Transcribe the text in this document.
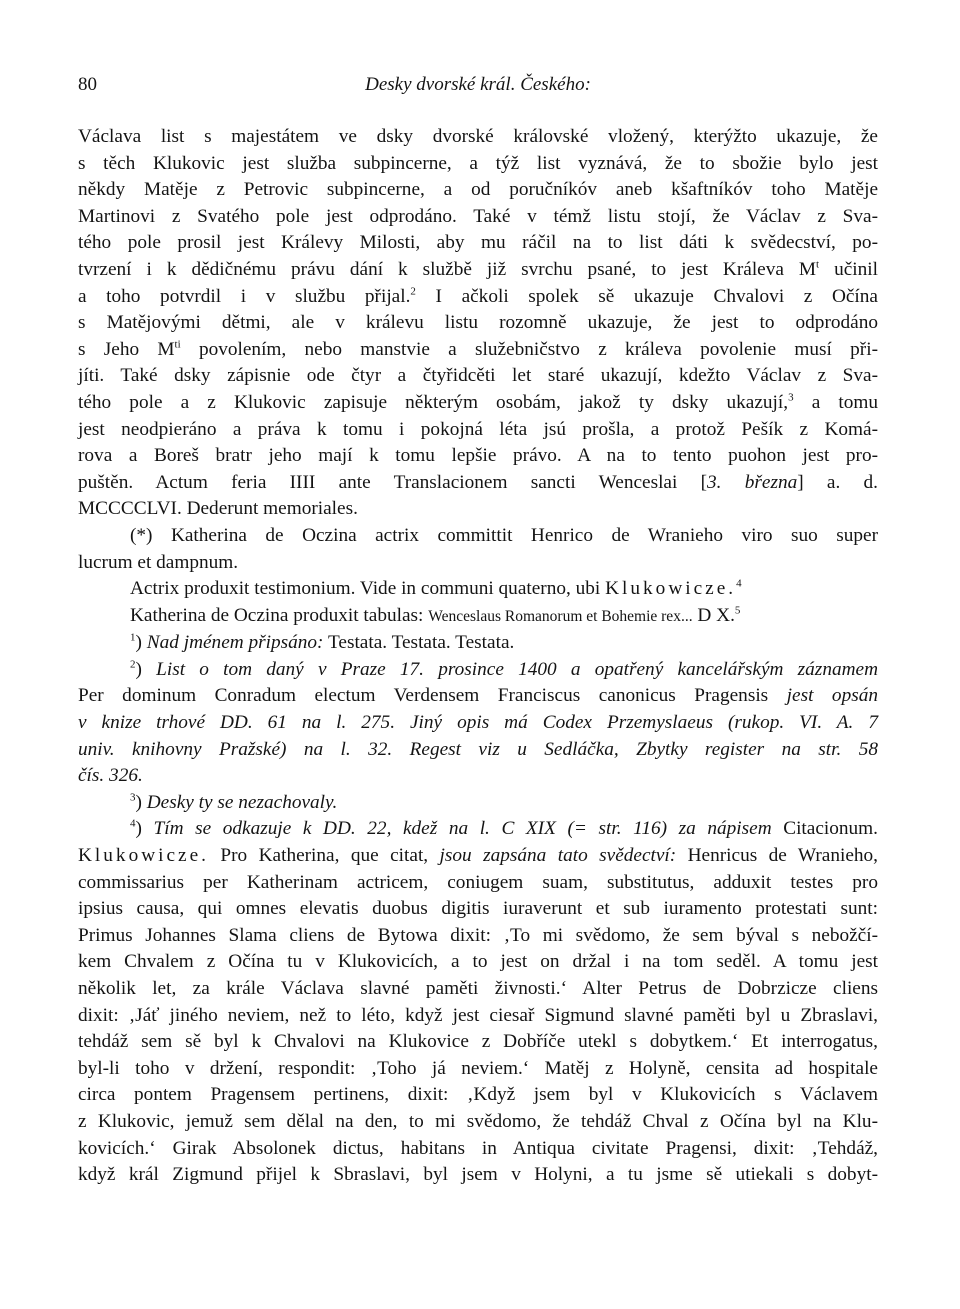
80	Desky dvorské král. Českého:
Václava list s majestátem ve dsky dvorské královské vložený, kterýžto ukazuje, že
s těch Klukovic jest služba subpincerne, a týž list vyznává, že to sbožie bylo jest
někdy Matěje z Petrovic subpincerne, a od poručníkóv aneb kšaftníkóv toho Matěje
Martinovi z Svatého pole jest odprodáno. Také v témž listu stojí, že Václav z Sva-
tého pole prosil jest Králevy Milosti, aby mu ráčil na to list dáti k svědecství, po-
tvrzení i k dědičnému právu dání k službě již svrchu psané, to jest Králeva $M^t$ učinil
a toho potvrdil i v službu přijal.$^2$ I ačkoli spolek sě ukazuje Chvalovi z Očína
s Matějovými dětmi, ale v králevu listu rozomně ukazuje, že jest to odprodáno
s Jeho $M^{ti}$ povolením, nebo manstvie a služebničstvo z králeva povolenie musí při-
jíti. Také dsky zápisnie ode čtyr a čtyřidcěti let staré ukazují, kdežto Václav z Sva-
tého pole a z Klukovic zapisuje některým osobám, jakož ty dsky ukazují,$^3$ a tomu
jest neodpieráno a práva k tomu i pokojná léta jsú prošla, a protož Pešík z Komá-
rova a Boreš bratr jeho mají k tomu lepšie právo. A na to tento puohon jest pro-
puštěn. Actum feria IIII ante Translacionem sancti Wenceslai [3. března] a. d.
MCCCCLVI. Dederunt memoriales.
(*) Katherina de Oczina actrix committit Henrico de Wranieho viro suo super
lucrum et dampnum.
Actrix produxit testimonium. Vide in communi quaterno, ubi Klukowicze.$^4$
Katherina de Oczina produxit tabulas: Wenceslaus Romanorum et Bohemie rex... D X.$^5$
$^1$) Nad jménem připsáno: Testata. Testata. Testata.
$^2$) List o tom daný v Praze 17. prosince 1400 a opatřený kancelářským záznamem
Per dominum Conradum electum Verdensem Franciscus canonicus Pragensis jest opsán
v knize trhové DD. 61 na l. 275. Jiný opis má Codex Przemyslaeus (rukop. VI. A. 7
univ. knihovny Pražské) na l. 32. Regest viz u Sedláčka, Zbytky register na str. 58
čís. 326.
$^3$) Desky ty se nezachovaly.
$^4$) Tím se odkazuje k DD. 22, kdež na l. C XIX (= str. 116) za nápisem Citacionum.
Klukowicze. Pro Katherina, que citat, jsou zapsána tato svědectví: Henricus de Wranieho,
commissarius per Katherinam actricem, coniugem suam, substitutus, adduxit testes pro
ipsius causa, qui omnes elevatis duobus digitis iuraverunt et sub iuramento protestati sunt:
Primus Johannes Slama cliens de Bytowa dixit: ‚To mi svědomo, že sem býval s nebožčí-
kem Chvalem z Očína tu v Klukovicích, a to jest on držal i na tom seděl. A tomu jest
několik let, za krále Václava slavné paměti živnosti.‘ Alter Petrus de Dobrzicze cliens
dixit: ‚Jáť jiného neviem, než to léto, když jest ciesař Sigmund slavné paměti byl u Zbraslavi,
tehdáž sem sě byl k Chvalovi na Klukovice z Dobříče utekl s dobytkem.‘ Et interrogatus,
byl-li toho v držení, respondit: ‚Toho já neviem.‘ Matěj z Holyně, censita ad hospitale
circa pontem Pragensem pertinens, dixit: ‚Když jsem byl v Klukovicích s Václavem
z Klukovic, jemuž sem dělal na den, to mi svědomo, že tehdáž Chval z Očína byl na Klu-
kovicích.‘ Girak Absolonek dictus, habitans in Antiqua civitate Pragensi, dixit: ‚Tehdáž,
když král Zigmund přijel k Sbraslavi, byl jsem v Holyni, a tu jsme sě utiekali s dobyt-
